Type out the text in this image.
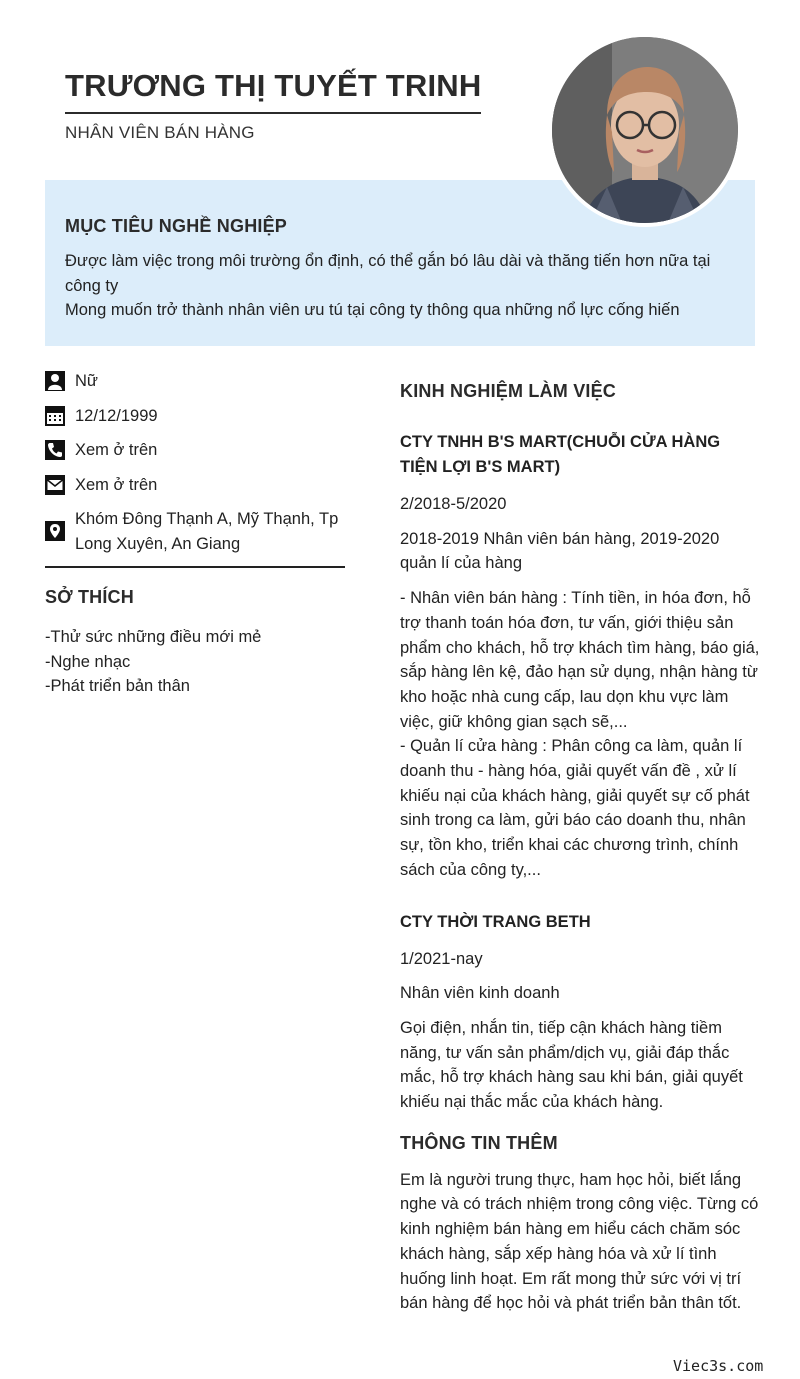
TRƯƠNG THỊ TUYẾT TRINH
NHÂN VIÊN BÁN HÀNG
MỤC TIÊU NGHỀ NGHIỆP
Được làm việc trong môi trường ổn định, có thể gắn bó lâu dài và thăng tiến hơn nữa tại công ty
Mong muốn trở thành nhân viên ưu tú tại công ty thông qua những nổ lực cống hiến
Nữ
12/12/1999
Xem ở trên
Xem ở trên
Khóm Đông Thạnh A, Mỹ Thạnh, Tp Long Xuyên, An Giang
SỞ THÍCH
-Thử sức những điều mới mẻ
-Nghe nhạc
-Phát triển bản thân
KINH NGHIỆM LÀM VIỆC
CTY TNHH B'S MART(CHUỖI CỬA HÀNG TIỆN LỢI B'S MART)
2/2018-5/2020
2018-2019 Nhân viên bán hàng, 2019-2020 quản lí của hàng
- Nhân viên bán hàng : Tính tiền, in hóa đơn, hỗ trợ thanh toán hóa đơn, tư vấn, giới thiệu sản phẩm cho khách, hỗ trợ khách tìm hàng, báo giá, sắp hàng lên kệ, đảo hạn sử dụng, nhận hàng từ kho hoặc nhà cung cấp, lau dọn khu vực làm việc, giữ không gian sạch sẽ,...
- Quản lí cửa hàng : Phân công ca làm, quản lí doanh thu - hàng hóa, giải quyết vấn đề , xử lí khiếu nại của khách hàng, giải quyết sự cố phát sinh trong ca làm, gửi báo cáo doanh thu, nhân sự, tồn kho, triển khai các chương trình, chính sách của công ty,...
CTY THỜI TRANG BETH
1/2021-nay
Nhân viên kinh doanh
Gọi điện, nhắn tin, tiếp cận khách hàng tiềm năng, tư vấn sản phẩm/dịch vụ, giải đáp thắc mắc, hỗ trợ khách hàng sau khi bán, giải quyết khiếu nại thắc mắc của khách hàng.
THÔNG TIN THÊM
Em là người trung thực, ham học hỏi, biết lắng nghe và có trách nhiệm trong công việc. Từng có kinh nghiệm bán hàng em hiểu cách chăm sóc khách hàng, sắp xếp hàng hóa và xử lí tình huống linh hoạt. Em rất mong thử sức với vị trí bán hàng để học hỏi và phát triển bản thân tốt.
Viec3s.com
